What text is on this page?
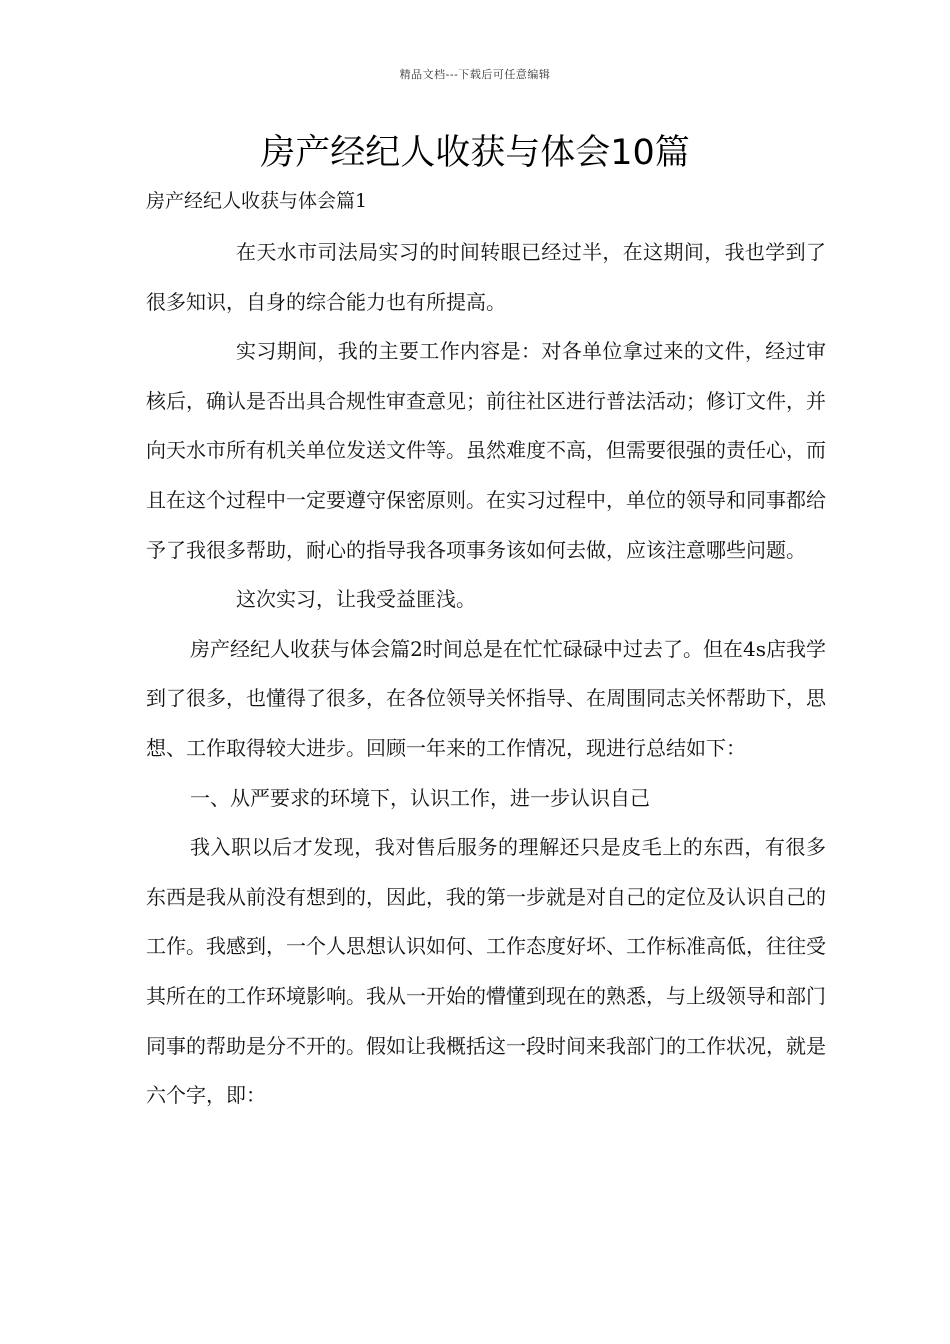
精品文档---下载后可任意编辑
房产经纪人收获与体会10篇
房产经纪人收获与体会篇1

在天水市司法局实习的时间转眼已经过半，在这期间，我也学到了很多知识，自身的综合能力也有所提高。

实习期间，我的主要工作内容是：对各单位拿过来的文件，经过审核后，确认是否出具合规性审查意见；前往社区进行普法活动；修订文件，并向天水市所有机关单位发送文件等。虽然难度不高，但需要很强的责任心，而且在这个过程中一定要遵守保密原则。在实习过程中，单位的领导和同事都给予了我很多帮助，耐心的指导我各项事务该如何去做，应该注意哪些问题。

这次实习，让我受益匪浅。

房产经纪人收获与体会篇2时间总是在忙忙碌碌中过去了。但在4s店我学到了很多，也懂得了很多，在各位领导关怀指导、在周围同志关怀帮助下，思想、工作取得较大进步。回顾一年来的工作情况，现进行总结如下：

一、从严要求的环境下，认识工作，进一步认识自己

我入职以后才发现，我对售后服务的理解还只是皮毛上的东西，有很多东西是我从前没有想到的，因此，我的第一步就是对自己的定位及认识自己的工作。我感到，一个人思想认识如何、工作态度好坏、工作标准高低，往往受其所在的工作环境影响。我从一开始的懵懂到现在的熟悉，与上级领导和部门同事的帮助是分不开的。假如让我概括这一段时间来我部门的工作状况，就是六个字，即：
